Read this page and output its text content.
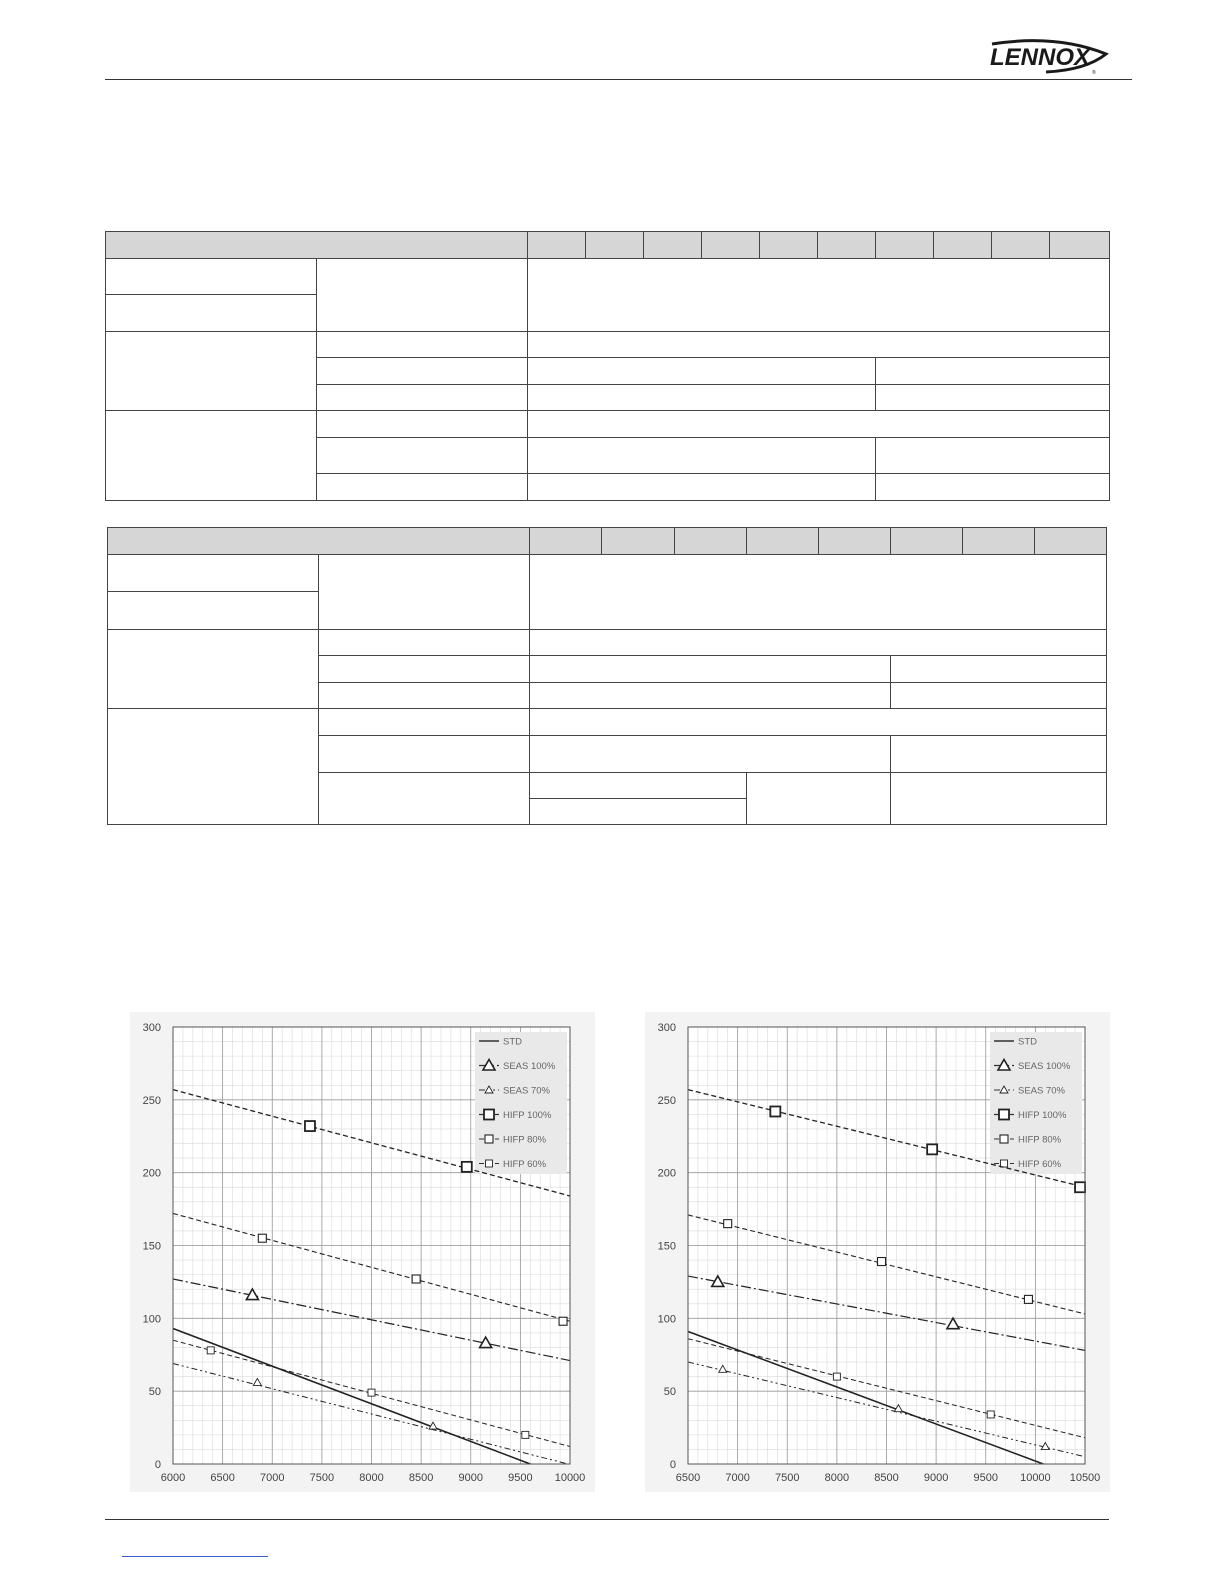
LENNOX
®

STD
SEAS 100%
SEAS 70%
HIFP 100%
HIFP 80%
HIFP 60%
6000 6500 7000 7500 8000 8500 9000 9500 10000
0
50
100
150
200
250
300
STD
SEAS 100%
SEAS 70%
HIFP 100%
HIFP 80%
HIFP 60%
6500 7000 7500 8000 8500 9000 9500 10000 10500
0
50
100
150
200
250
300
